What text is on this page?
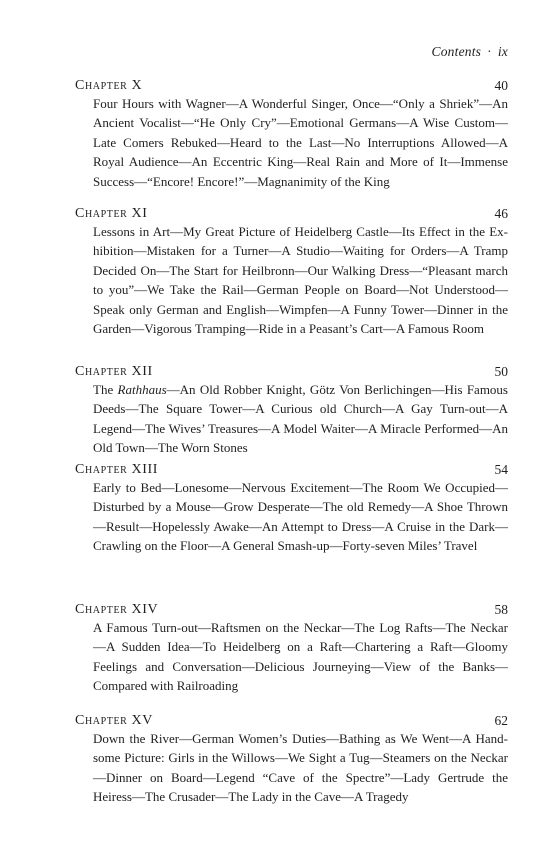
Contents · ix
Chapter X	40

Four Hours with Wagner—A Wonderful Singer, Once—“Only a Shriek”—An Ancient Vocalist—“He Only Cry”—Emotional Germans—A Wise Custom—Late Comers Rebuked—Heard to the Last—No Interruptions Allowed—A Royal Audience—An Eccentric King—Real Rain and More of It—Immense Success—“Encore! Encore!”—Magnanimity of the King

Chapter XI	46

Lessons in Art—My Great Picture of Heidelberg Castle—Its Effect in the Exhibition—Mistaken for a Turner—A Studio—Waiting for Orders—A Tramp Decided On—The Start for Heilbronn—Our Walking Dress—“Pleasant march to you”—We Take the Rail—German People on Board—Not Understood—Speak only German and English—Wimpfen—A Funny Tower—Dinner in the Garden—Vigorous Tramping—Ride in a Peasant’s Cart—A Famous Room

Chapter XII	50

The Rathhaus—An Old Robber Knight, Götz Von Berlichingen—His Famous Deeds—The Square Tower—A Curious old Church—A Gay Turn-out—A Legend—The Wives’ Treasures—A Model Waiter—A Miracle Performed—An Old Town—The Worn Stones

Chapter XIII	54

Early to Bed—Lonesome—Nervous Excitement—The Room We Occupied—Disturbed by a Mouse—Grow Desperate—The old Remedy—A Shoe Thrown—Result—Hopelessly Awake—An Attempt to Dress—A Cruise in the Dark—Crawling on the Floor—A General Smash-up—Forty-seven Miles’ Travel

Chapter XIV	58

A Famous Turn-out—Raftsmen on the Neckar—The Log Rafts—The Neckar—A Sudden Idea—To Heidelberg on a Raft—Chartering a Raft—Gloomy Feelings and Conversation—Delicious Journeying—View of the Banks—Compared with Railroading

Chapter XV	62

Down the River—German Women’s Duties—Bathing as We Went—A Handsome Picture: Girls in the Willows—We Sight a Tug—Steamers on the Neckar—Dinner on Board—Legend “Cave of the Spectre”—Lady Gertrude the Heiress—The Crusader—The Lady in the Cave—A Tragedy
